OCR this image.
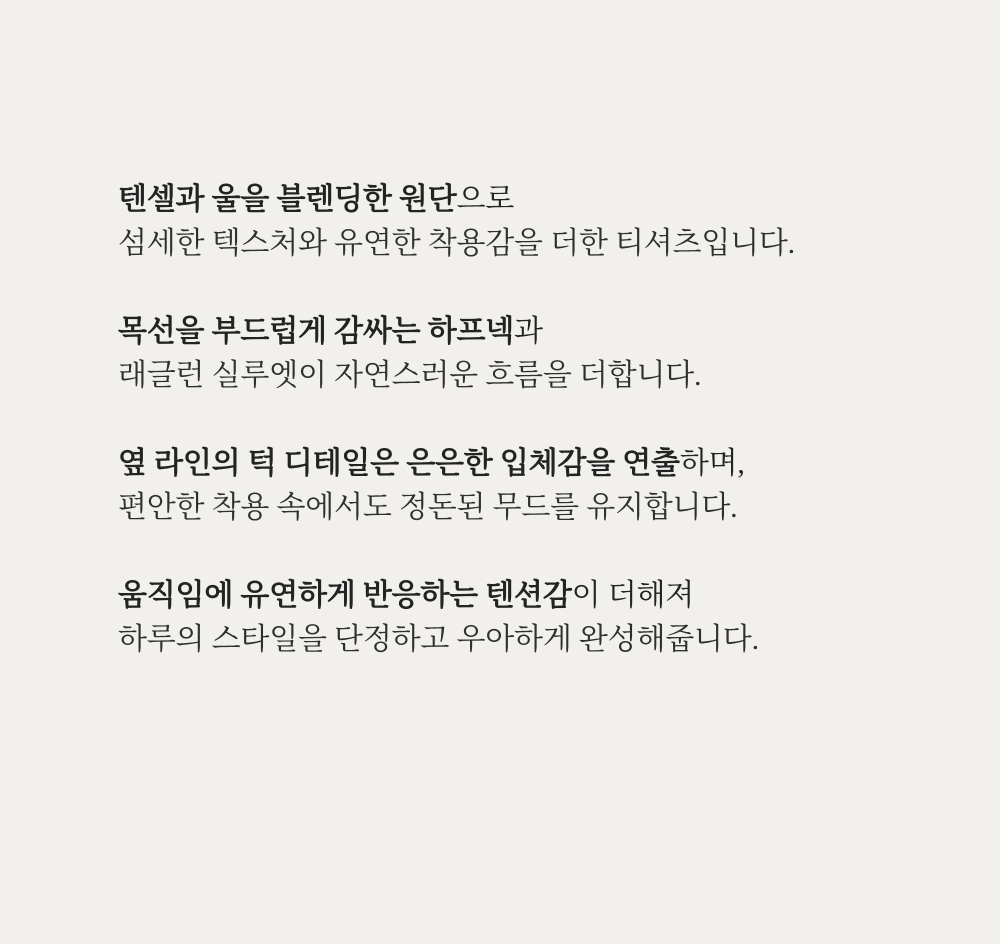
텐셀과 울을 블렌딩한 원단으로
섬세한 텍스처와 유연한 착용감을 더한 티셔츠입니다.
목선을 부드럽게 감싸는 하프넥과
래글런 실루엣이 자연스러운 흐름을 더합니다.
옆 라인의 턱 디테일은 은은한 입체감을 연출하며,
편안한 착용 속에서도 정돈된 무드를 유지합니다.
움직임에 유연하게 반응하는 텐션감이 더해져
하루의 스타일을 단정하고 우아하게 완성해줍니다.
